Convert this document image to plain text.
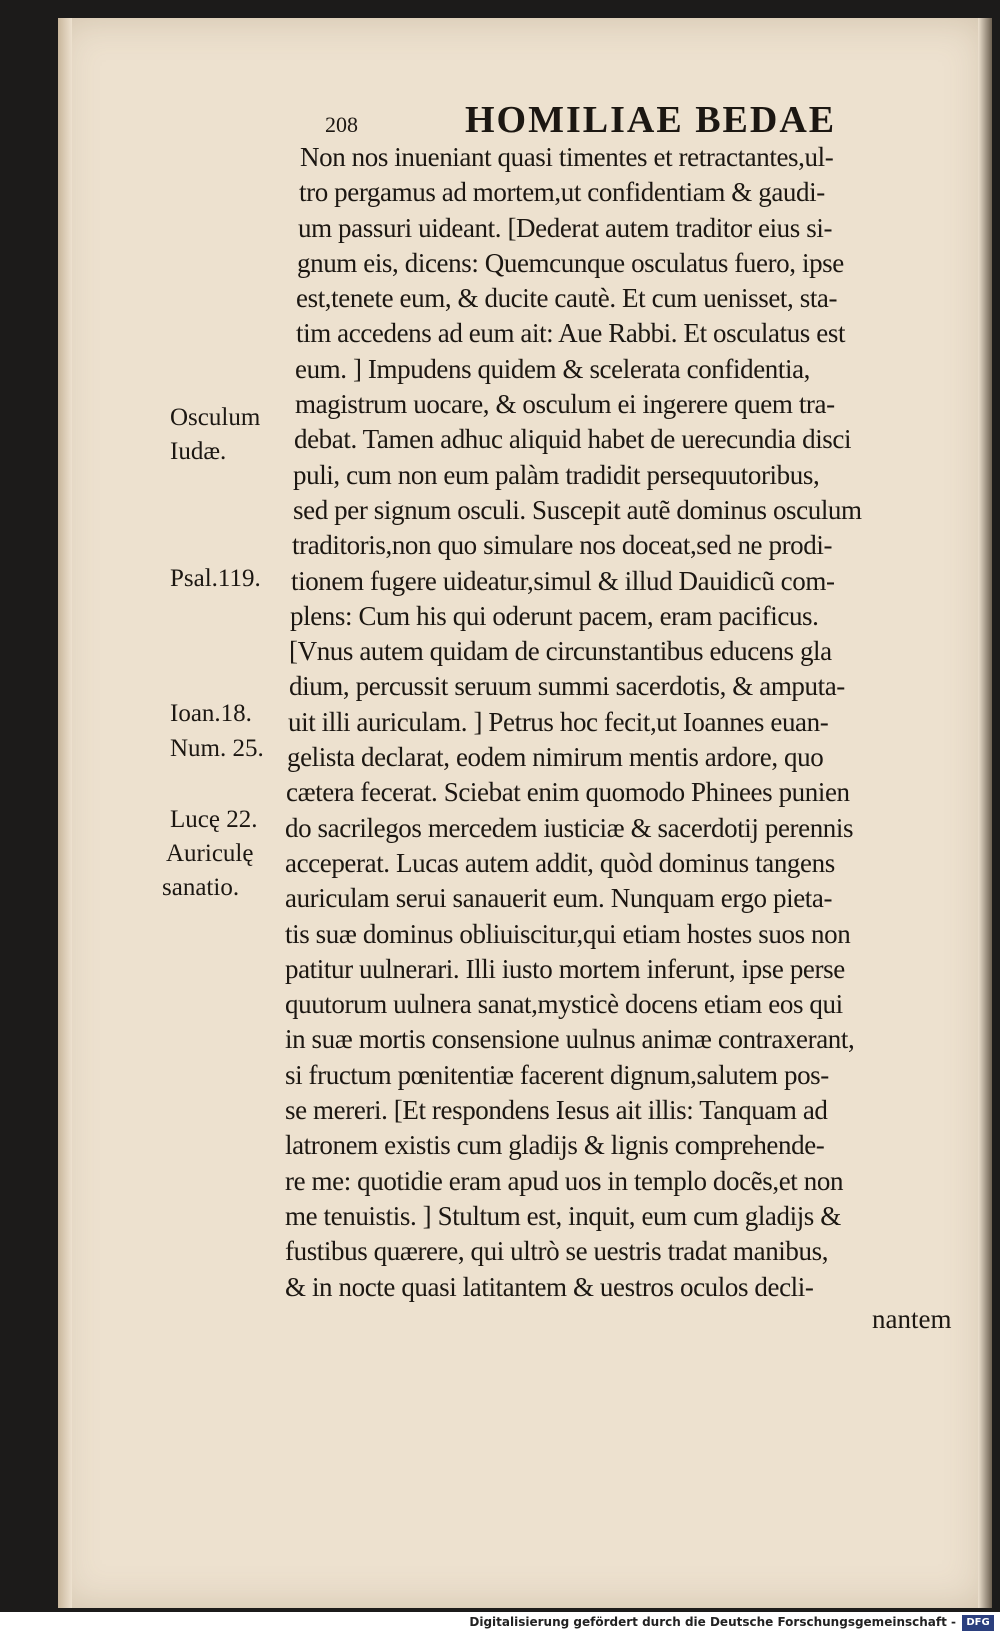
208	HOMILIAE BEDAE
Osculum
Iudæ.
Psal.119.
Ioan.18.
Num. 25.
Lucę 22.
Auriculę
sanatio.
Non nos inueniant quasi timentes et retractantes,ul-
tro pergamus ad mortem,ut confidentiam & gaudi-
um passuri uideant. [Dederat autem traditor eius si-
gnum eis, dicens: Quemcunque osculatus fuero, ipse
est,tenete eum, & ducite cautè. Et cum uenisset, sta-
tim accedens ad eum ait: Aue Rabbi. Et osculatus est
eum. ] Impudens quidem & scelerata confidentia,
magistrum uocare, & osculum ei ingerere quem tra-
debat. Tamen adhuc aliquid habet de uerecundia disci
puli, cum non eum palàm tradidit persequutoribus,
sed per signum osculi. Suscepit autẽ dominus osculum
traditoris,non quo simulare nos doceat,sed ne prodi-
tionem fugere uideatur,simul & illud Dauidicũ com-
plens: Cum his qui oderunt pacem, eram pacificus.
[Vnus autem quidam de circunstantibus educens gla
dium, percussit seruum summi sacerdotis, & amputa-
uit illi auriculam. ] Petrus hoc fecit,ut Ioannes euan-
gelista declarat, eodem nimirum mentis ardore, quo
cætera fecerat. Sciebat enim quomodo Phinees punien
do sacrilegos mercedem iusticiæ & sacerdotij perennis
acceperat. Lucas autem addit, quòd dominus tangens
auriculam serui sanauerit eum. Nunquam ergo pieta-
tis suæ dominus obliuiscitur,qui etiam hostes suos non
patitur uulnerari. Illi iusto mortem inferunt, ipse perse
quutorum uulnera sanat,mysticè docens etiam eos qui
in suæ mortis consensione uulnus animæ contraxerant,
si fructum pœnitentiæ facerent dignum,salutem pos-
se mereri. [Et respondens Iesus ait illis: Tanquam ad
latronem existis cum gladijs & lignis comprehende-
re me: quotidie eram apud uos in templo docẽs,et non
me tenuistis. ] Stultum est, inquit, eum cum gladijs &
fustibus quærere, qui ultrò se uestris tradat manibus,
& in nocte quasi latitantem & uestros oculos decli-
nantem
Digitalisierung gefördert durch die Deutsche Forschungsgemeinschaft -	DFG
